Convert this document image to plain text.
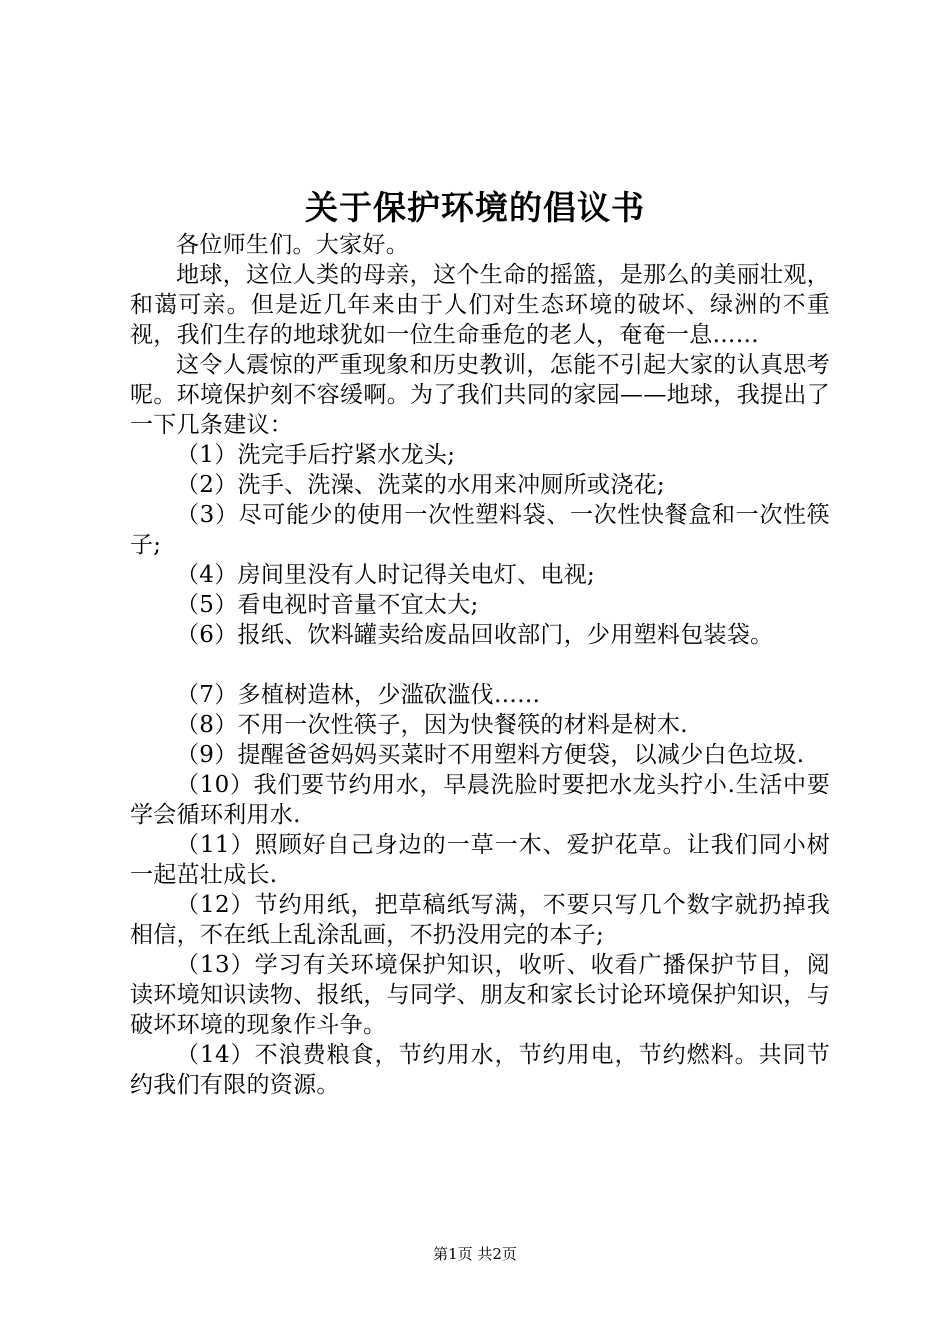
关于保护环境的倡议书

各位师生们。大家好。

地球，这位人类的母亲，这个生命的摇篮，是那么的美丽壮观，和蔼可亲。但是近几年来由于人们对生态环境的破坏、绿洲的不重视，我们生存的地球犹如一位生命垂危的老人，奄奄一息……

这令人震惊的严重现象和历史教训，怎能不引起大家的认真思考呢。环境保护刻不容缓啊。为了我们共同的家园——地球，我提出了一下几条建议：

（1）洗完手后拧紧水龙头;

（2）洗手、洗澡、洗菜的水用来冲厕所或浇花;

（3）尽可能少的使用一次性塑料袋、一次性快餐盒和一次性筷子;

（4）房间里没有人时记得关电灯、电视;

（5）看电视时音量不宜太大;

（6）报纸、饮料罐卖给废品回收部门，少用塑料包装袋。

（7）多植树造林，少滥砍滥伐……

（8）不用一次性筷子，因为快餐筷的材料是树木.

（9）提醒爸爸妈妈买菜时不用塑料方便袋，以减少白色垃圾.

（10）我们要节约用水，早晨洗脸时要把水龙头拧小.生活中要学会循环利用水.

（11）照顾好自己身边的一草一木、爱护花草。让我们同小树一起茁壮成长.

（12）节约用纸，把草稿纸写满，不要只写几个数字就扔掉我相信，不在纸上乱涂乱画，不扔没用完的本子;

（13）学习有关环境保护知识，收听、收看广播保护节目，阅读环境知识读物、报纸，与同学、朋友和家长讨论环境保护知识，与破坏环境的现象作斗争。

（14）不浪费粮食，节约用水，节约用电，节约燃料。共同节约我们有限的资源。

第1页 共2页
